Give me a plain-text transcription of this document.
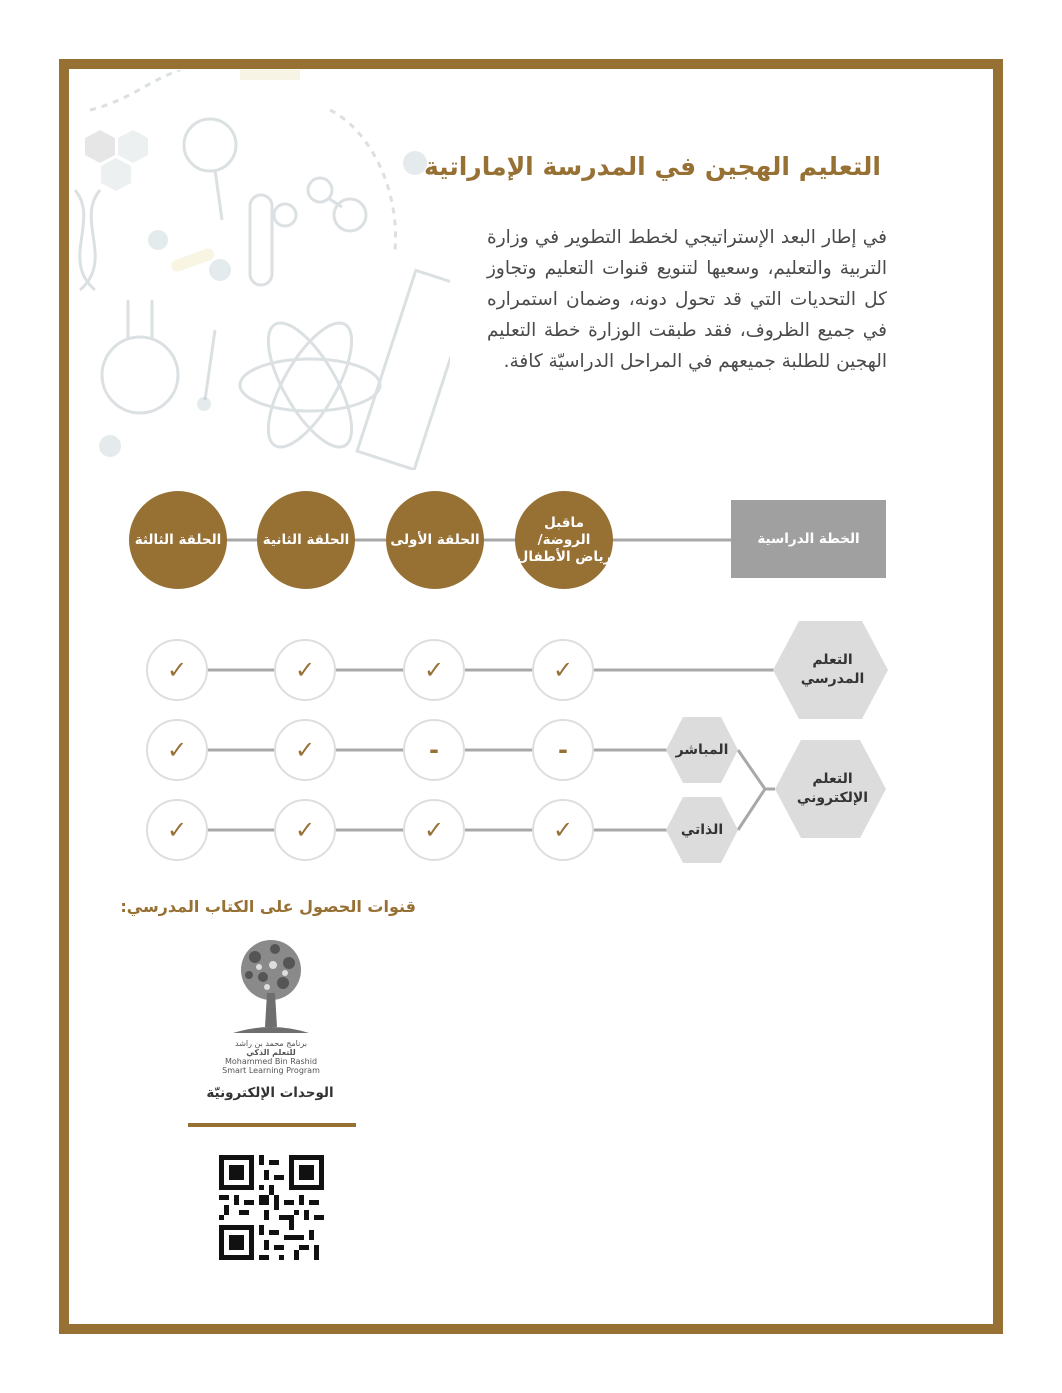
التعليم الهجين في المدرسة الإماراتية
في إطار البعد الإستراتيجي لخطط التطوير في وزارة التربية والتعليم، وسعيها لتنويع قنوات التعليم وتجاوز كل التحديات التي قد تحول دونه، وضمان استمراره في جميع الظروف، فقد طبقت الوزارة خطة التعليم الهجين للطلبة جميعهم في المراحل الدراسيّة كافة.
الخطة الدراسية
ماقبل
الروضة/
رياض الأطفال
الحلقة الأولى
الحلقة الثانية
الحلقة الثالثة
التعلم
المدرسي
التعلم
الإلكتروني
المباشر
الذاتي
✓
✓
✓
✓
-
-
✓
✓
✓
✓
✓
✓
قنوات الحصول على الكتاب المدرسي:
برنامج محمد بن راشد
للتعلم الذكي
Mohammed Bin Rashid
Smart Learning Program
الوحدات الإلكترونيّة
